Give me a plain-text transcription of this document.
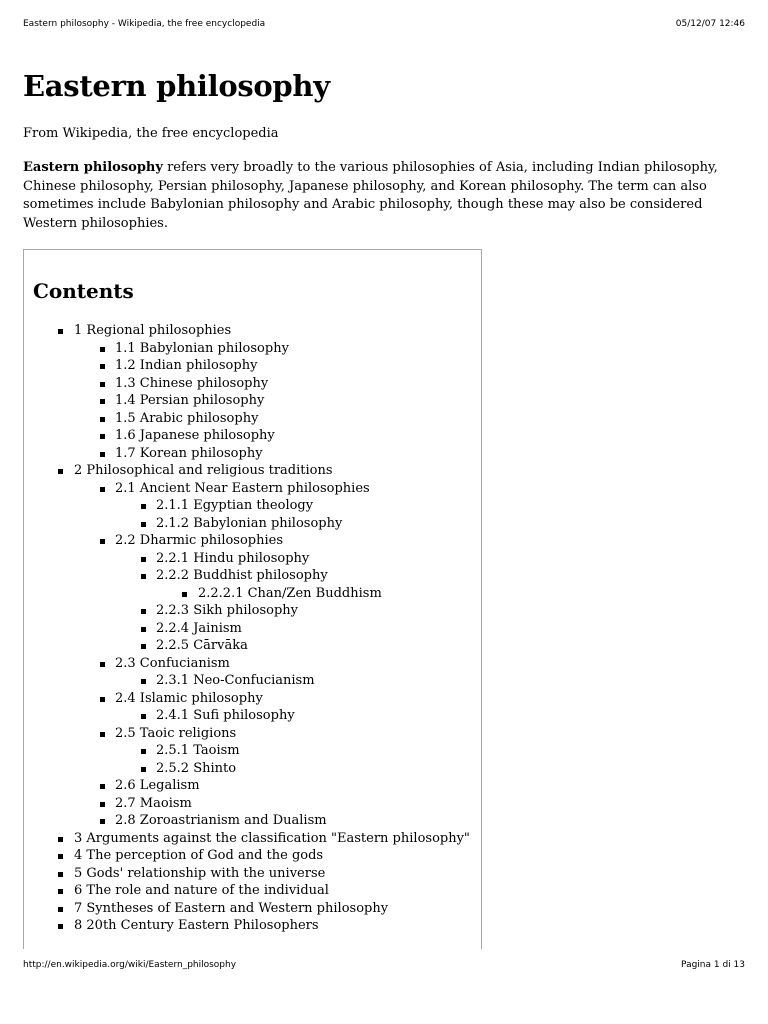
Eastern philosophy - Wikipedia, the free encyclopedia	05/12/07 12:46
Eastern philosophy
From Wikipedia, the free encyclopedia

Eastern philosophy refers very broadly to the various philosophies of Asia, including Indian philosophy, Chinese philosophy, Persian philosophy, Japanese philosophy, and Korean philosophy. The term can also sometimes include Babylonian philosophy and Arabic philosophy, though these may also be considered Western philosophies.

Contents
1 Regional philosophies
1.1 Babylonian philosophy
1.2 Indian philosophy
1.3 Chinese philosophy
1.4 Persian philosophy
1.5 Arabic philosophy
1.6 Japanese philosophy
1.7 Korean philosophy
2 Philosophical and religious traditions
2.1 Ancient Near Eastern philosophies
2.1.1 Egyptian theology
2.1.2 Babylonian philosophy
2.2 Dharmic philosophies
2.2.1 Hindu philosophy
2.2.2 Buddhist philosophy
2.2.2.1 Chan/Zen Buddhism
2.2.3 Sikh philosophy
2.2.4 Jainism
2.2.5 Cārvāka
2.3 Confucianism
2.3.1 Neo-Confucianism
2.4 Islamic philosophy
2.4.1 Sufi philosophy
2.5 Taoic religions
2.5.1 Taoism
2.5.2 Shinto
2.6 Legalism
2.7 Maoism
2.8 Zoroastrianism and Dualism
3 Arguments against the classification "Eastern philosophy"
4 The perception of God and the gods
5 Gods' relationship with the universe
6 The role and nature of the individual
7 Syntheses of Eastern and Western philosophy
8 20th Century Eastern Philosophers
http://en.wikipedia.org/wiki/Eastern_philosophy	Pagina 1 di 13
